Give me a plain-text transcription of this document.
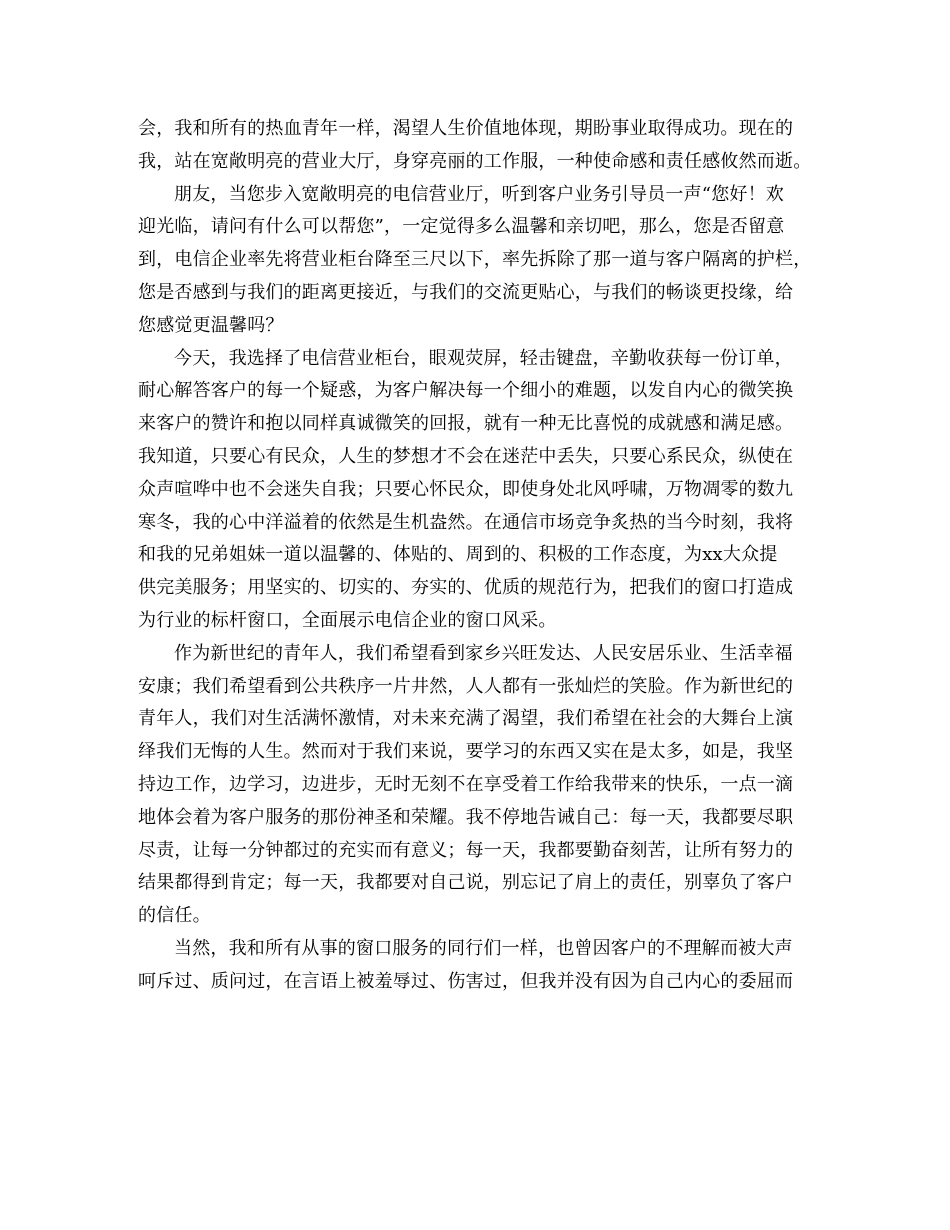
会，我和所有的热血青年一样，渴望人生价值地体现，期盼事业取得成功。现在的
我，站在宽敞明亮的营业大厅，身穿亮丽的工作服，一种使命感和责任感攸然而逝。
朋友，当您步入宽敞明亮的电信营业厅，听到客户业务引导员一声“您好！欢
迎光临，请问有什么可以帮您”，一定觉得多么温馨和亲切吧，那么，您是否留意
到，电信企业率先将营业柜台降至三尺以下，率先拆除了那一道与客户隔离的护栏，
您是否感到与我们的距离更接近，与我们的交流更贴心，与我们的畅谈更投缘，给
您感觉更温馨吗？
今天，我选择了电信营业柜台，眼观荧屏，轻击键盘，辛勤收获每一份订单，
耐心解答客户的每一个疑惑，为客户解决每一个细小的难题，以发自内心的微笑换
来客户的赞许和抱以同样真诚微笑的回报，就有一种无比喜悦的成就感和满足感。
我知道，只要心有民众，人生的梦想才不会在迷茫中丢失，只要心系民众，纵使在
众声喧哗中也不会迷失自我；只要心怀民众，即使身处北风呼啸，万物凋零的数九
寒冬，我的心中洋溢着的依然是生机盎然。在通信市场竞争炙热的当今时刻，我将
和我的兄弟姐妹一道以温馨的、体贴的、周到的、积极的工作态度，为xx大众提
供完美服务；用坚实的、切实的、夯实的、优质的规范行为，把我们的窗口打造成
为行业的标杆窗口，全面展示电信企业的窗口风采。
作为新世纪的青年人，我们希望看到家乡兴旺发达、人民安居乐业、生活幸福
安康；我们希望看到公共秩序一片井然，人人都有一张灿烂的笑脸。作为新世纪的
青年人，我们对生活满怀激情，对未来充满了渴望，我们希望在社会的大舞台上演
绎我们无悔的人生。然而对于我们来说，要学习的东西又实在是太多，如是，我坚
持边工作，边学习，边进步，无时无刻不在享受着工作给我带来的快乐，一点一滴
地体会着为客户服务的那份神圣和荣耀。我不停地告诫自己：每一天，我都要尽职
尽责，让每一分钟都过的充实而有意义；每一天，我都要勤奋刻苦，让所有努力的
结果都得到肯定；每一天，我都要对自己说，别忘记了肩上的责任，别辜负了客户
的信任。
当然，我和所有从事的窗口服务的同行们一样，也曾因客户的不理解而被大声
呵斥过、质问过，在言语上被羞辱过、伤害过，但我并没有因为自己内心的委屈而
